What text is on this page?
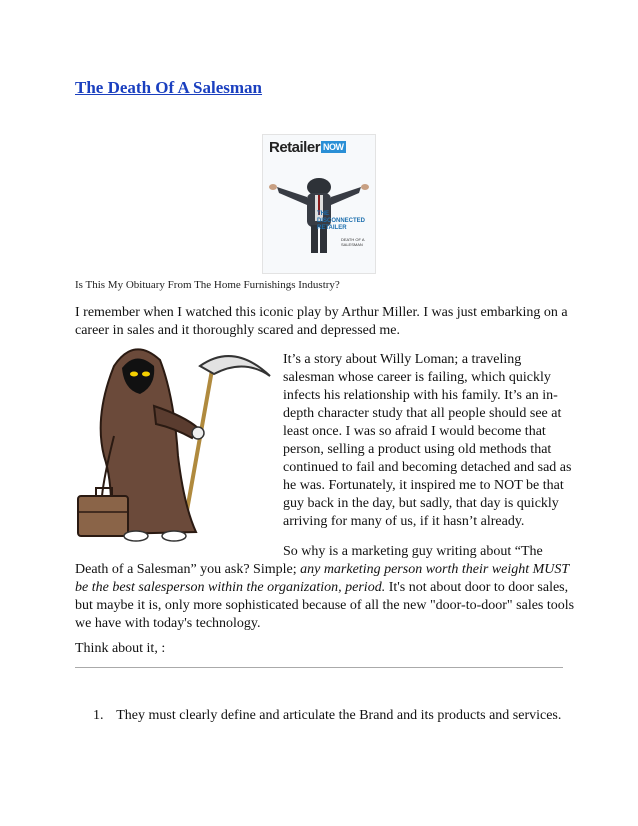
The Death Of A Salesman
Retailer NOW
THE DISCONNECTED RETAILER
DEATH OF A SALESMAN
Is This My Obituary From The Home Furnishings Industry?
I remember when I watched this iconic play by Arthur Miller. I was just embarking on a career in sales and it thoroughly scared and depressed me.
It’s a story about Willy Loman; a traveling salesman whose career is failing, which quickly infects his relationship with his family. It’s an in-depth character study that all people should see at least once. I was so afraid I would become that person, selling a product using old methods that continued to fail and becoming detached and sad as he was. Fortunately, it inspired me to NOT be that guy back in the day, but sadly, that day is quickly arriving for many of us, if it hasn’t already.
So why is a marketing guy writing about “The Death of a Salesman” you ask? Simple; any marketing person worth their weight MUST be the best salesperson within the organization, period. It's not about door to door sales, but maybe it is, only more sophisticated because of all the new "door-to-door" sales tools we have with today's technology.
Think about it, :
1. They must clearly define and articulate the Brand and its products and services.
